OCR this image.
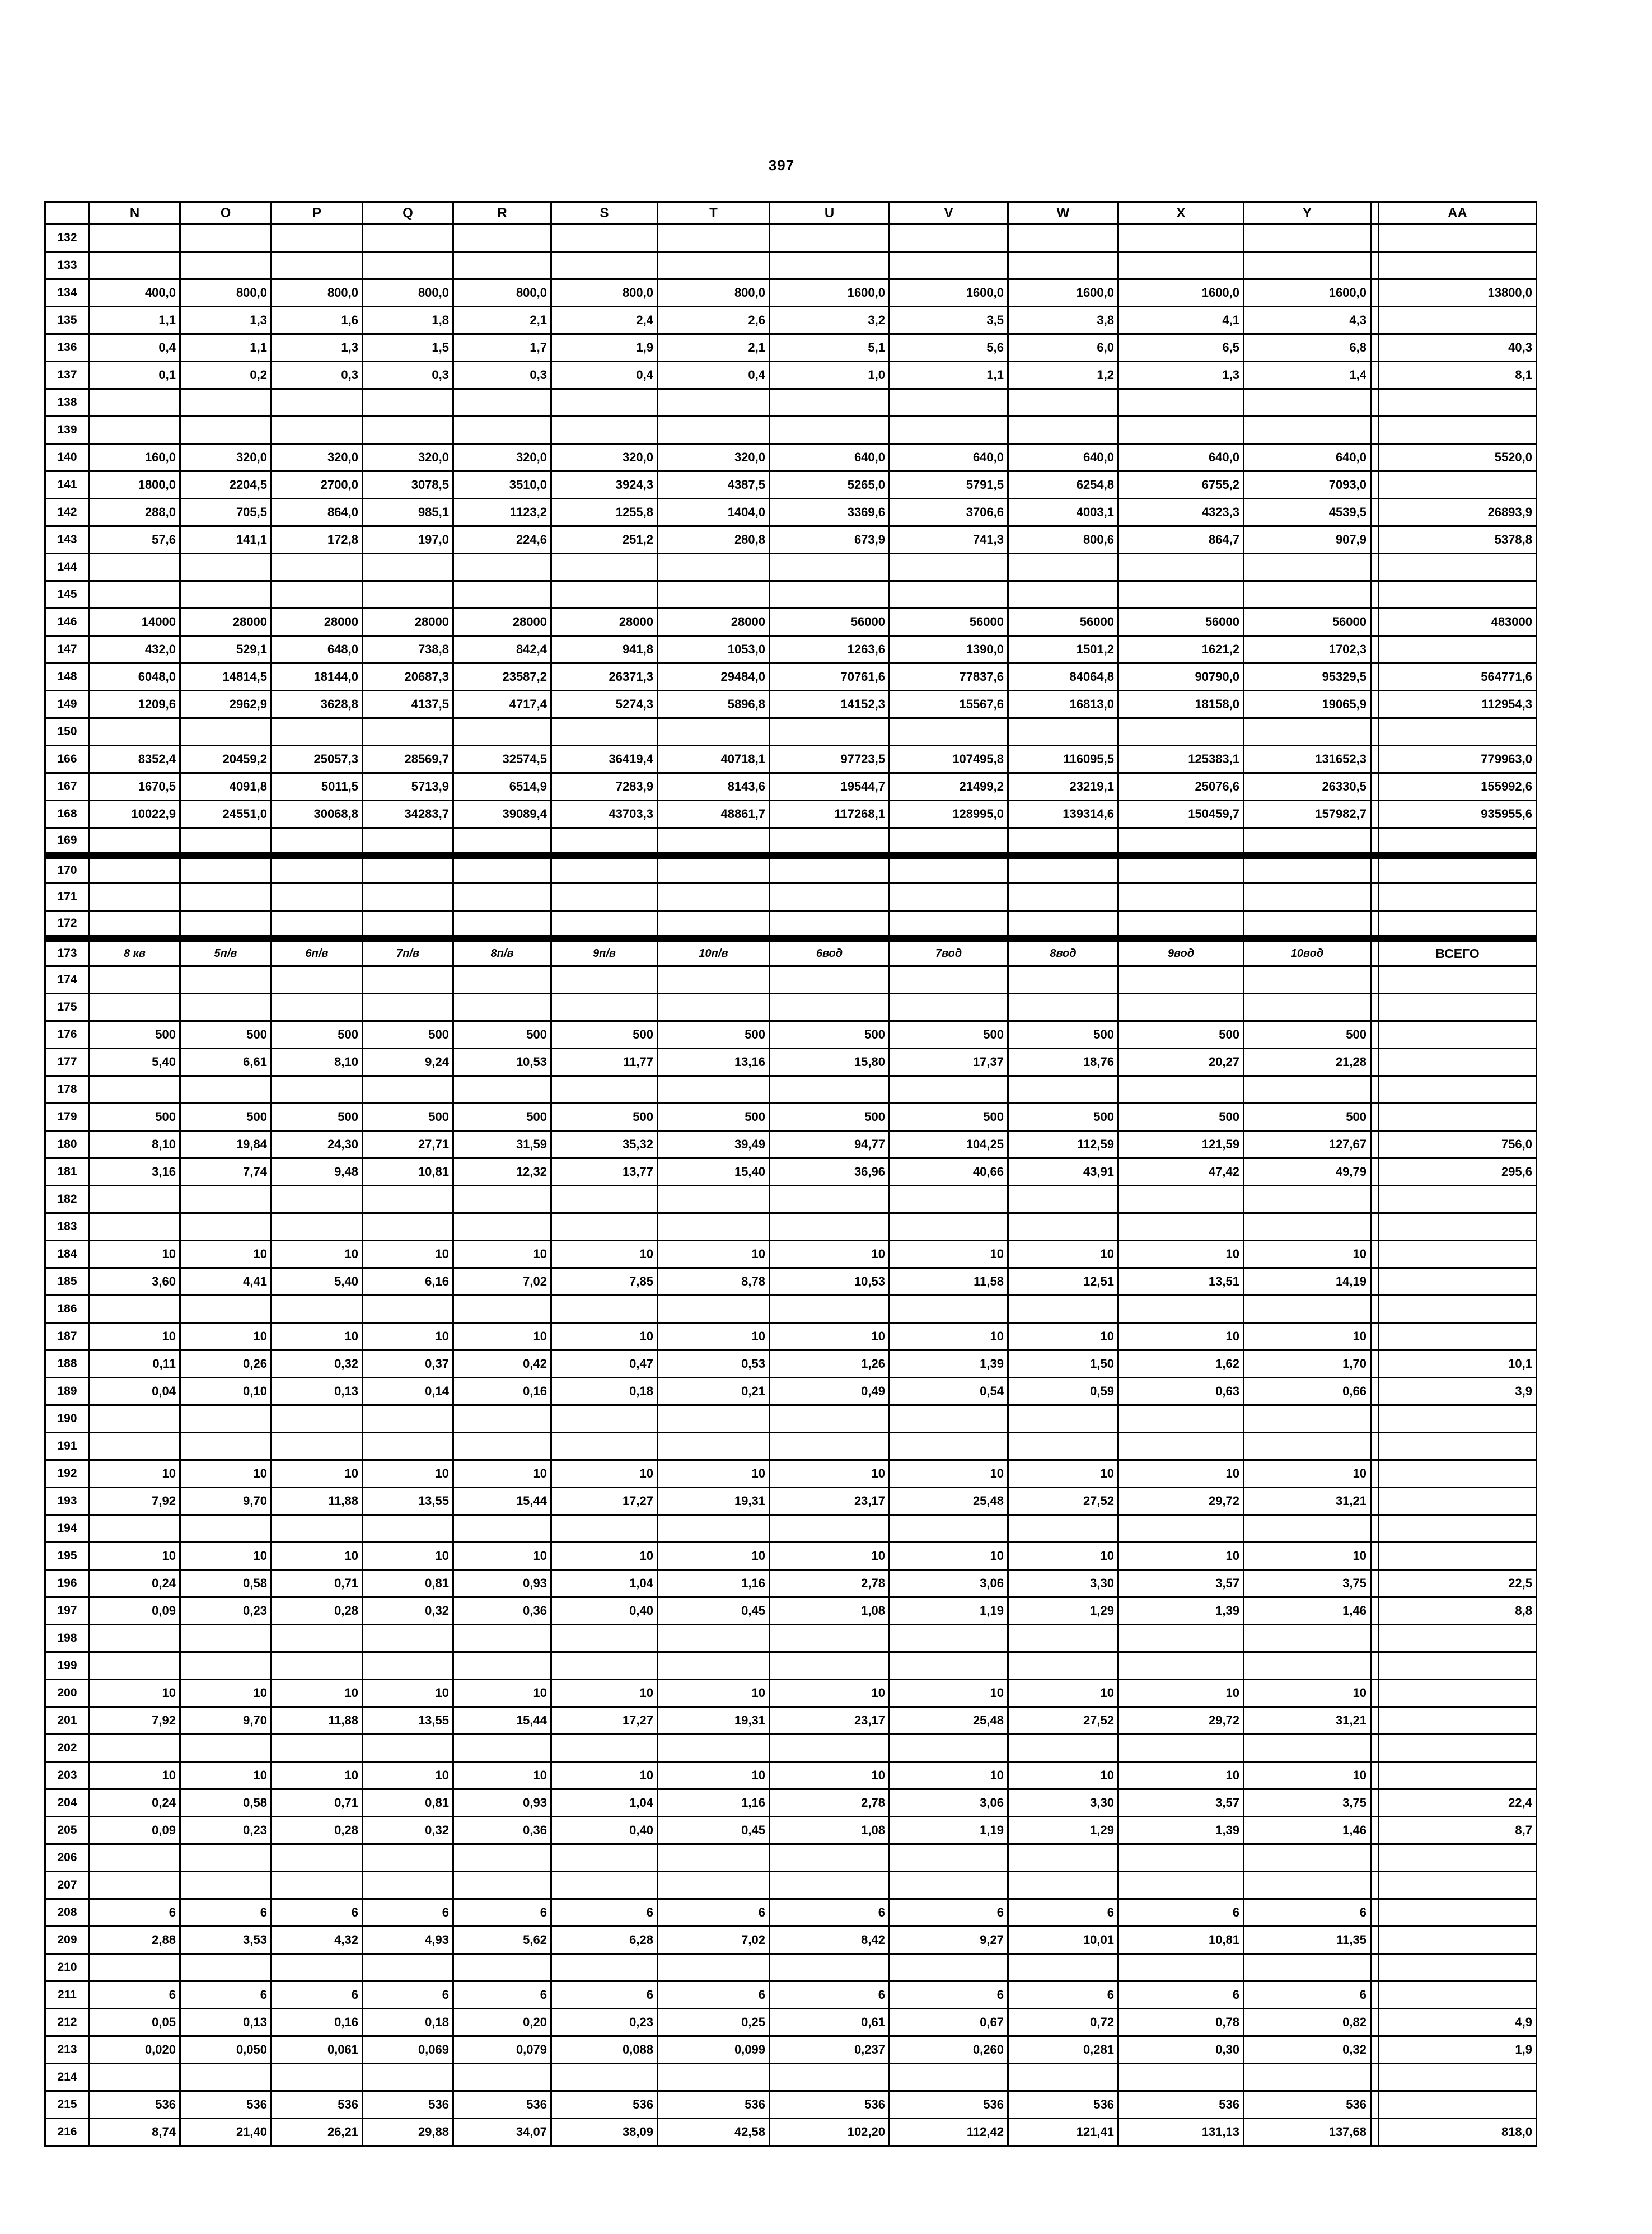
397
	N	O	P	Q	R	S	T	U	V	W	X	Y		AA
132														
133														
134	400,0	800,0	800,0	800,0	800,0	800,0	800,0	1600,0	1600,0	1600,0	1600,0	1600,0		13800,0
135	1,1	1,3	1,6	1,8	2,1	2,4	2,6	3,2	3,5	3,8	4,1	4,3		
136	0,4	1,1	1,3	1,5	1,7	1,9	2,1	5,1	5,6	6,0	6,5	6,8		40,3
137	0,1	0,2	0,3	0,3	0,3	0,4	0,4	1,0	1,1	1,2	1,3	1,4		8,1
138														
139														
140	160,0	320,0	320,0	320,0	320,0	320,0	320,0	640,0	640,0	640,0	640,0	640,0		5520,0
141	1800,0	2204,5	2700,0	3078,5	3510,0	3924,3	4387,5	5265,0	5791,5	6254,8	6755,2	7093,0		
142	288,0	705,5	864,0	985,1	1123,2	1255,8	1404,0	3369,6	3706,6	4003,1	4323,3	4539,5		26893,9
143	57,6	141,1	172,8	197,0	224,6	251,2	280,8	673,9	741,3	800,6	864,7	907,9		5378,8
144														
145														
146	14000	28000	28000	28000	28000	28000	28000	56000	56000	56000	56000	56000		483000
147	432,0	529,1	648,0	738,8	842,4	941,8	1053,0	1263,6	1390,0	1501,2	1621,2	1702,3		
148	6048,0	14814,5	18144,0	20687,3	23587,2	26371,3	29484,0	70761,6	77837,6	84064,8	90790,0	95329,5		564771,6
149	1209,6	2962,9	3628,8	4137,5	4717,4	5274,3	5896,8	14152,3	15567,6	16813,0	18158,0	19065,9		112954,3
150														
166	8352,4	20459,2	25057,3	28569,7	32574,5	36419,4	40718,1	97723,5	107495,8	116095,5	125383,1	131652,3		779963,0
167	1670,5	4091,8	5011,5	5713,9	6514,9	7283,9	8143,6	19544,7	21499,2	23219,1	25076,6	26330,5		155992,6
168	10022,9	24551,0	30068,8	34283,7	39089,4	43703,3	48861,7	117268,1	128995,0	139314,6	150459,7	157982,7		935955,6
169														
170														
171														
172														
173	8 кв	5п/в	6п/в	7п/в	8п/в	9п/в	10п/в	6вод	7вод	8вод	9вод	10вод		ВСЕГО
174														
175														
176	500	500	500	500	500	500	500	500	500	500	500	500		
177	5,40	6,61	8,10	9,24	10,53	11,77	13,16	15,80	17,37	18,76	20,27	21,28		
178														
179	500	500	500	500	500	500	500	500	500	500	500	500		
180	8,10	19,84	24,30	27,71	31,59	35,32	39,49	94,77	104,25	112,59	121,59	127,67		756,0
181	3,16	7,74	9,48	10,81	12,32	13,77	15,40	36,96	40,66	43,91	47,42	49,79		295,6
182														
183														
184	10	10	10	10	10	10	10	10	10	10	10	10		
185	3,60	4,41	5,40	6,16	7,02	7,85	8,78	10,53	11,58	12,51	13,51	14,19		
186														
187	10	10	10	10	10	10	10	10	10	10	10	10		
188	0,11	0,26	0,32	0,37	0,42	0,47	0,53	1,26	1,39	1,50	1,62	1,70		10,1
189	0,04	0,10	0,13	0,14	0,16	0,18	0,21	0,49	0,54	0,59	0,63	0,66		3,9
190														
191														
192	10	10	10	10	10	10	10	10	10	10	10	10		
193	7,92	9,70	11,88	13,55	15,44	17,27	19,31	23,17	25,48	27,52	29,72	31,21		
194														
195	10	10	10	10	10	10	10	10	10	10	10	10		
196	0,24	0,58	0,71	0,81	0,93	1,04	1,16	2,78	3,06	3,30	3,57	3,75		22,5
197	0,09	0,23	0,28	0,32	0,36	0,40	0,45	1,08	1,19	1,29	1,39	1,46		8,8
198														
199														
200	10	10	10	10	10	10	10	10	10	10	10	10		
201	7,92	9,70	11,88	13,55	15,44	17,27	19,31	23,17	25,48	27,52	29,72	31,21		
202														
203	10	10	10	10	10	10	10	10	10	10	10	10		
204	0,24	0,58	0,71	0,81	0,93	1,04	1,16	2,78	3,06	3,30	3,57	3,75		22,4
205	0,09	0,23	0,28	0,32	0,36	0,40	0,45	1,08	1,19	1,29	1,39	1,46		8,7
206														
207														
208	6	6	6	6	6	6	6	6	6	6	6	6		
209	2,88	3,53	4,32	4,93	5,62	6,28	7,02	8,42	9,27	10,01	10,81	11,35		
210														
211	6	6	6	6	6	6	6	6	6	6	6	6		
212	0,05	0,13	0,16	0,18	0,20	0,23	0,25	0,61	0,67	0,72	0,78	0,82		4,9
213	0,020	0,050	0,061	0,069	0,079	0,088	0,099	0,237	0,260	0,281	0,30	0,32		1,9
214														
215	536	536	536	536	536	536	536	536	536	536	536	536		
216	8,74	21,40	26,21	29,88	34,07	38,09	42,58	102,20	112,42	121,41	131,13	137,68		818,0
